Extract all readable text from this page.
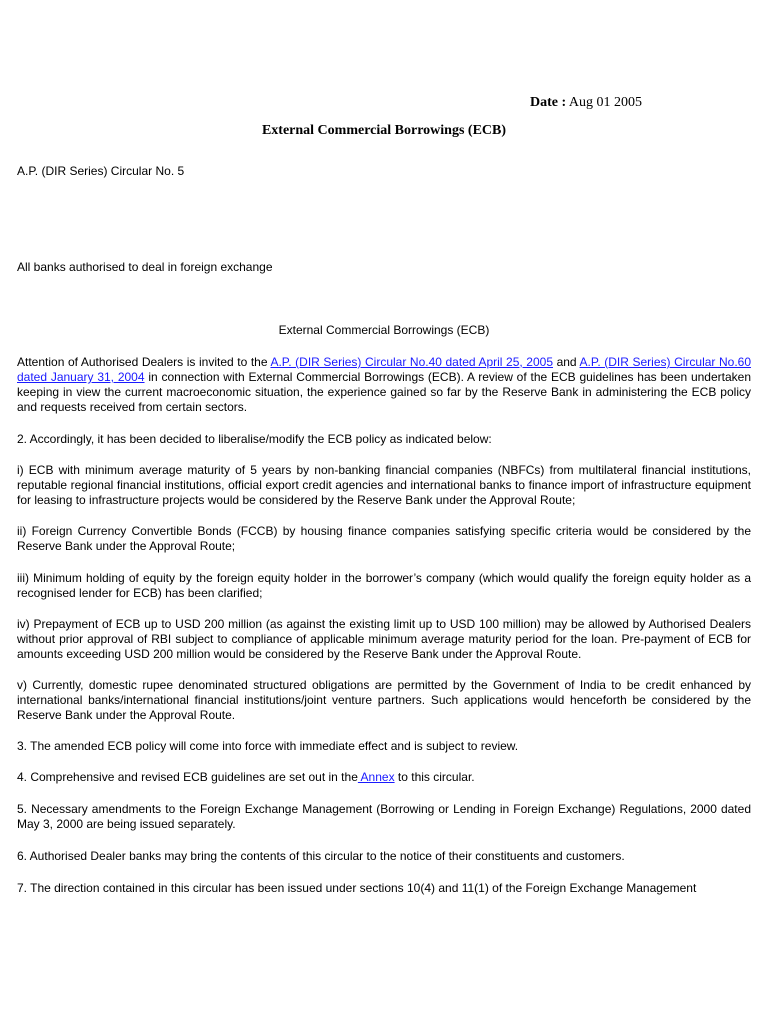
Date : Aug 01 2005
External Commercial Borrowings (ECB)
A.P. (DIR Series) Circular No. 5
All banks authorised to deal in foreign exchange
External Commercial Borrowings (ECB)
Attention of Authorised Dealers is invited to the A.P. (DIR Series) Circular No.40 dated April 25, 2005 and A.P. (DIR Series) Circular No.60 dated January 31, 2004 in connection with External Commercial Borrowings (ECB). A review of the ECB guidelines has been undertaken keeping in view the current macroeconomic situation, the experience gained so far by the Reserve Bank in administering the ECB policy and requests received from certain sectors.
2. Accordingly, it has been decided to liberalise/modify the ECB policy as indicated below:
i) ECB with minimum average maturity of 5 years by non-banking financial companies (NBFCs) from multilateral financial institutions, reputable regional financial institutions, official export credit agencies and international banks to finance import of infrastructure equipment for leasing to infrastructure projects would be considered by the Reserve Bank under the Approval Route;
ii) Foreign Currency Convertible Bonds (FCCB) by housing finance companies satisfying specific criteria would be considered by the Reserve Bank under the Approval Route;
iii) Minimum holding of equity by the foreign equity holder in the borrower’s company (which would qualify the foreign equity holder as a recognised lender for ECB) has been clarified;
iv) Prepayment of ECB up to USD 200 million (as against the existing limit up to USD 100 million) may be allowed by Authorised Dealers without prior approval of RBI subject to compliance of applicable minimum average maturity period for the loan. Pre-payment of ECB for amounts exceeding USD 200 million would be considered by the Reserve Bank under the Approval Route.
v) Currently, domestic rupee denominated structured obligations are permitted by the Government of India to be credit enhanced by international banks/international financial institutions/joint venture partners. Such applications would henceforth be considered by the Reserve Bank under the Approval Route.
3. The amended ECB policy will come into force with immediate effect and is subject to review.
4. Comprehensive and revised ECB guidelines are set out in the Annex to this circular.
5. Necessary amendments to the Foreign Exchange Management (Borrowing or Lending in Foreign Exchange) Regulations, 2000 dated May 3, 2000 are being issued separately.
6. Authorised Dealer banks may bring the contents of this circular to the notice of their constituents and customers.
7. The direction contained in this circular has been issued under sections 10(4) and 11(1) of the Foreign Exchange Management
